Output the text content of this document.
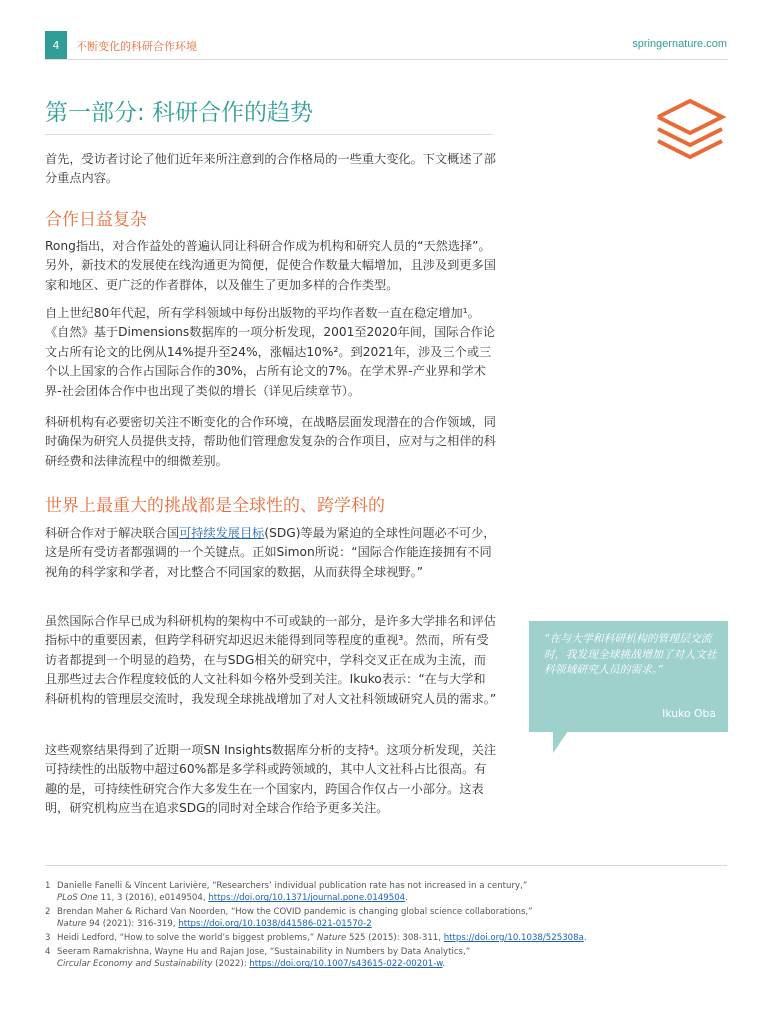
4	不断变化的科研合作环境	springernature.com
第一部分: 科研合作的趋势

首先，受访者讨论了他们近年来所注意到的合作格局的一些重大变化。下文概述了部分重点内容。

合作日益复杂

Rong指出，对合作益处的普遍认同让科研合作成为机构和研究人员的“天然选择”。另外，新技术的发展使在线沟通更为简便，促使合作数量大幅增加，且涉及到更多国家和地区、更广泛的作者群体，以及催生了更加多样的合作类型。

自上世纪80年代起，所有学科领域中每份出版物的平均作者数一直在稳定增加¹。《自然》基于Dimensions数据库的一项分析发现，2001至2020年间，国际合作论文占所有论文的比例从14%提升至24%，涨幅达10%²。到2021年，涉及三个或三个以上国家的合作占国际合作的30%，占所有论文的7%。在学术界-产业界和学术界-社会团体合作中也出现了类似的增长（详见后续章节）。

科研机构有必要密切关注不断变化的合作环境，在战略层面发现潜在的合作领域，同时确保为研究人员提供支持，帮助他们管理愈发复杂的合作项目，应对与之相伴的科研经费和法律流程中的细微差别。

世界上最重大的挑战都是全球性的、跨学科的

科研合作对于解决联合国可持续发展目标(SDG)等最为紧迫的全球性问题必不可少，这是所有受访者都强调的一个关键点。正如Simon所说：“国际合作能连接拥有不同视角的科学家和学者，对比整合不同国家的数据，从而获得全球视野。”

虽然国际合作早已成为科研机构的架构中不可或缺的一部分，是许多大学排名和评估指标中的重要因素，但跨学科研究却迟迟未能得到同等程度的重视³。然而，所有受访者都提到一个明显的趋势，在与SDG相关的研究中，学科交叉正在成为主流，而且那些过去合作程度较低的人文社科如今格外受到关注。Ikuko表示：“在与大学和科研机构的管理层交流时，我发现全球挑战增加了对人文社科领域研究人员的需求。”

这些观察结果得到了近期一项SN Insights数据库分析的支持⁴。这项分析发现，关注可持续性的出版物中超过60%都是多学科或跨领域的，其中人文社科占比很高。有趣的是，可持续性研究合作大多发生在一个国家内，跨国合作仅占一小部分。这表明，研究机构应当在追求SDG的同时对全球合作给予更多关注。

“在与大学和科研机构的管理层交流时，我发现全球挑战增加了对人文社科领域研究人员的需求。”
Ikuko Oba
1 Danielle Fanelli & Vincent Larivière, “Researchers’ individual publication rate has not increased in a century,”
PLoS One 11, 3 (2016), e0149504, https://doi.org/10.1371/journal.pone.0149504.
2 Brendan Maher & Richard Van Noorden, “How the COVID pandemic is changing global science collaborations,”
Nature 94 (2021): 316-319, https://doi.org/10.1038/d41586-021-01570-2
3 Heidi Ledford, “How to solve the world’s biggest problems,” Nature 525 (2015): 308-311, https://doi.org/10.1038/525308a.
4 Seeram Ramakrishna, Wayne Hu and Rajan Jose, “Sustainability in Numbers by Data Analytics,”
Circular Economy and Sustainability (2022): https://doi.org/10.1007/s43615-022-00201-w.
